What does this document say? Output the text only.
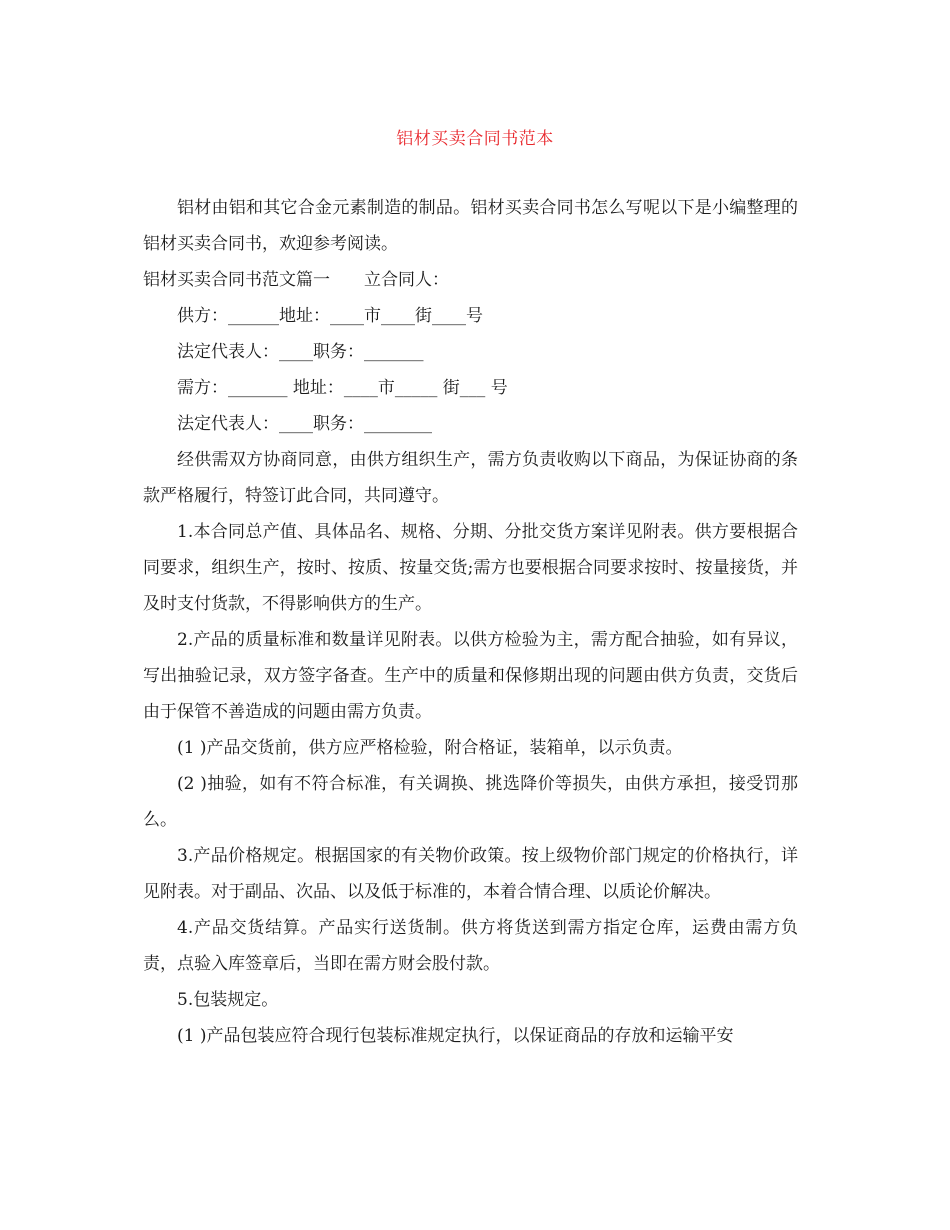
铝材买卖合同书范本

铝材由铝和其它合金元素制造的制品。铝材买卖合同书怎么写呢以下是小编整理的铝材买卖合同书，欢迎参考阅读。

铝材买卖合同书范文篇一　　立合同人：

供方：______地址：____市____街____号

法定代表人：____职务：_______

需方：_______ 地址：____市_____ 街___ 号

法定代表人：____职务：________

经供需双方协商同意，由供方组织生产，需方负责收购以下商品，为保证协商的条款严格履行，特签订此合同，共同遵守。

1.本合同总产值、具体品名、规格、分期、分批交货方案详见附表。供方要根据合同要求，组织生产，按时、按质、按量交货;需方也要根据合同要求按时、按量接货，并及时支付货款，不得影响供方的生产。

2.产品的质量标准和数量详见附表。以供方检验为主，需方配合抽验，如有异议，写出抽验记录，双方签字备查。生产中的质量和保修期出现的问题由供方负责，交货后由于保管不善造成的问题由需方负责。

(1 )产品交货前，供方应严格检验，附合格证，装箱单，以示负责。

(2 )抽验，如有不符合标准，有关调换、挑选降价等损失，由供方承担，接受罚那么。

3.产品价格规定。根据国家的有关物价政策。按上级物价部门规定的价格执行，详见附表。对于副品、次品、以及低于标准的，本着合情合理、以质论价解决。

4.产品交货结算。产品实行送货制。供方将货送到需方指定仓库，运费由需方负责，点验入库签章后，当即在需方财会股付款。

5.包装规定。

(1 )产品包装应符合现行包装标准规定执行，以保证商品的存放和运输平安
